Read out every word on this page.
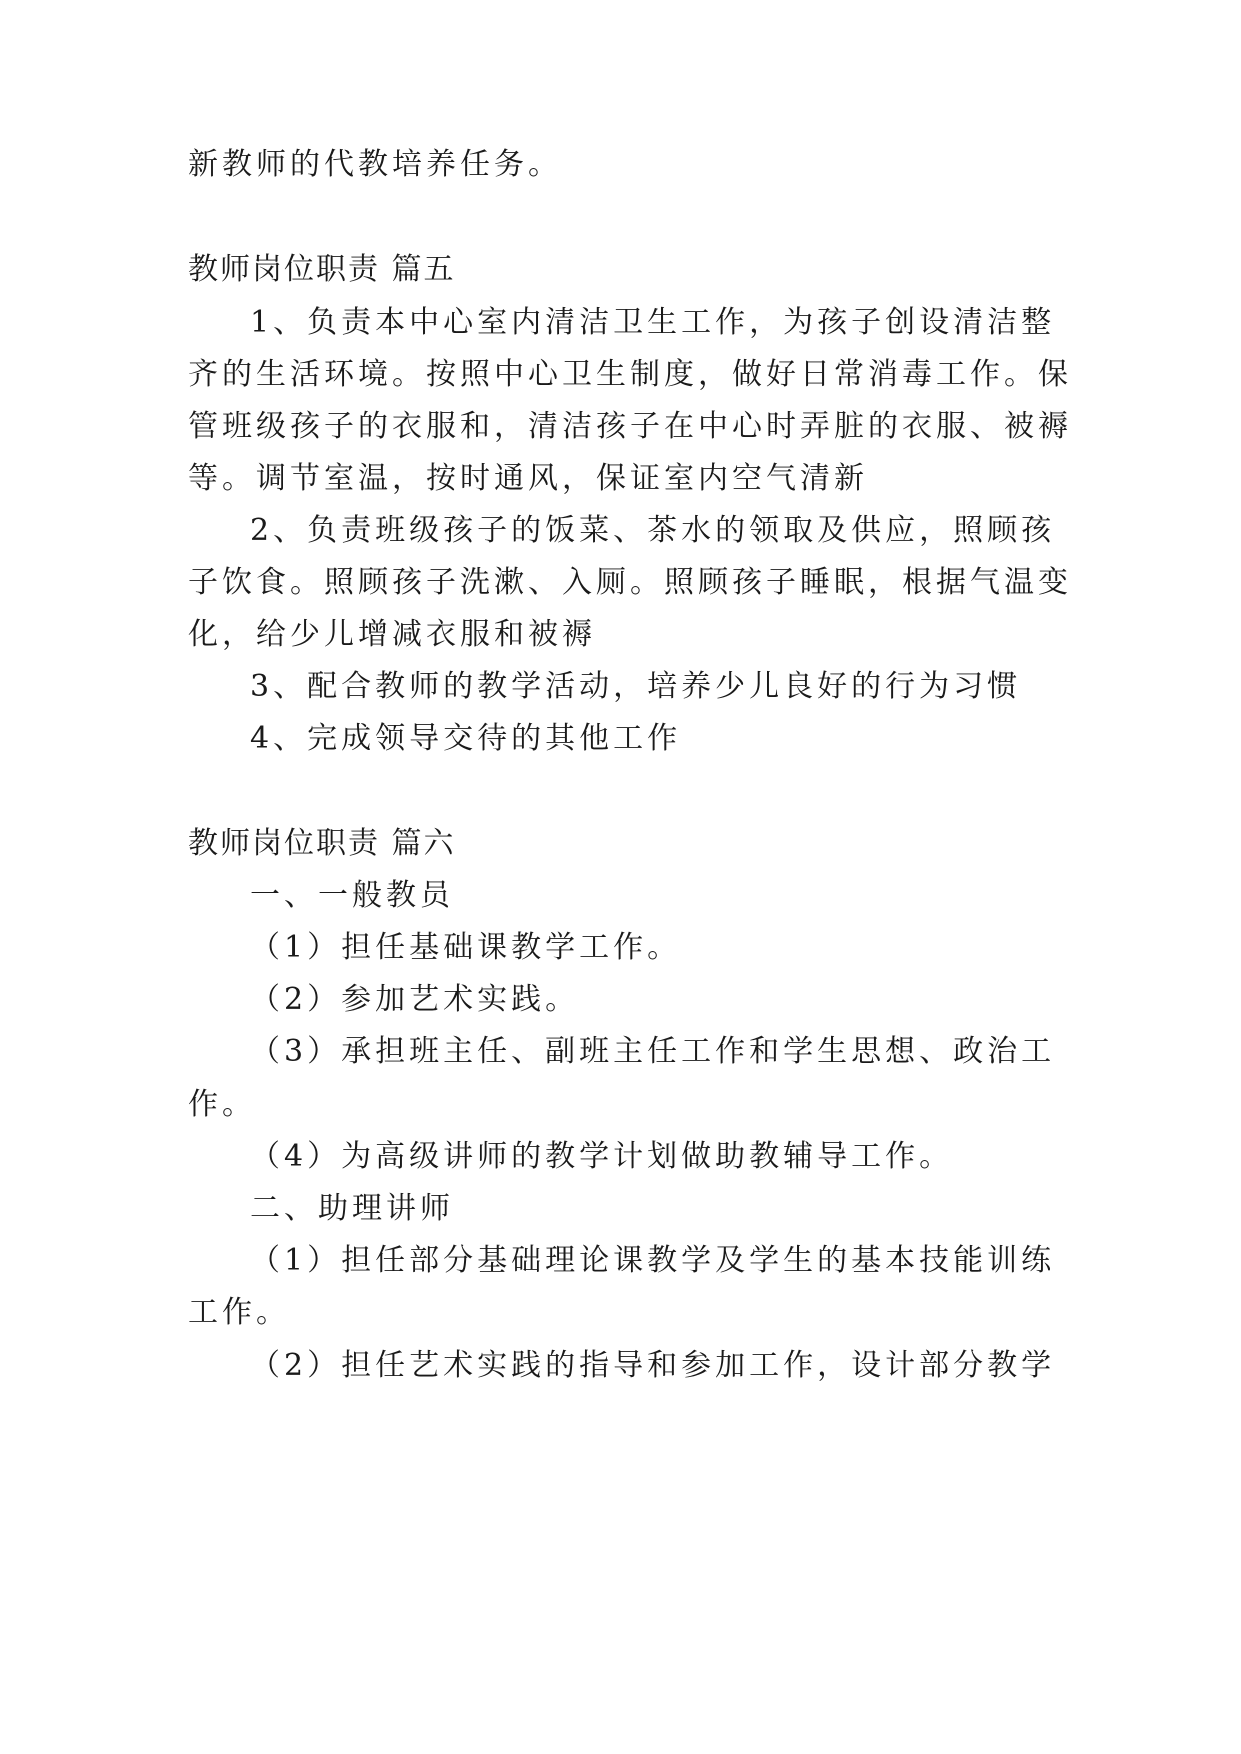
新教师的代教培养任务。
教师岗位职责 篇五
1、负责本中心室内清洁卫生工作，为孩子创设清洁整
齐的生活环境。按照中心卫生制度，做好日常消毒工作。保
管班级孩子的衣服和，清洁孩子在中心时弄脏的衣服、被褥
等。调节室温，按时通风，保证室内空气清新
2、负责班级孩子的饭菜、茶水的领取及供应，照顾孩
子饮食。照顾孩子洗漱、入厕。照顾孩子睡眠，根据气温变
化，给少儿增减衣服和被褥
3、配合教师的教学活动，培养少儿良好的行为习惯
4、完成领导交待的其他工作
教师岗位职责 篇六
一、一般教员
（1）担任基础课教学工作。
（2）参加艺术实践。
（3）承担班主任、副班主任工作和学生思想、政治工
作。
（4）为高级讲师的教学计划做助教辅导工作。
二、助理讲师
（1）担任部分基础理论课教学及学生的基本技能训练
工作。
（2）担任艺术实践的指导和参加工作，设计部分教学
